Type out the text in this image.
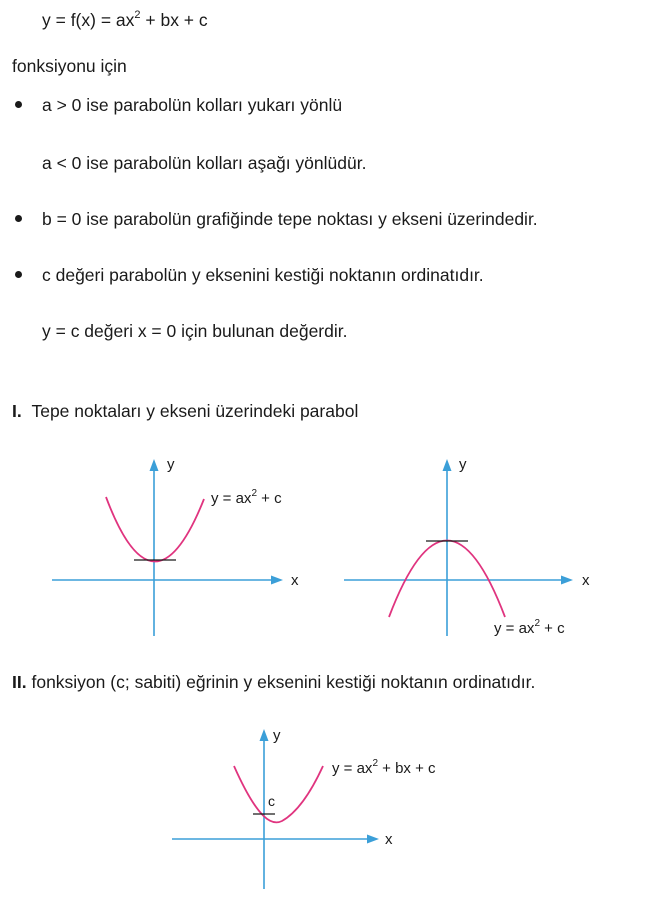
$y = f(x) = ax^2$ + bx + c
fonksiyonu için
a > 0 ise parabolün kolları yukarı yönlü
a < 0 ise parabolün kolları aşağı yönlüdür.
b = 0 ise parabolün grafiğinde tepe noktası y ekseni üzerindedir.
c değeri parabolün y eksenini kestiği noktanın ordinatıdır.
y = c değeri x = 0 için bulunan değerdir.
I. Tepe noktaları y ekseni üzerindeki parabol
y
x
$y = ax^2 + c$
y
x
$y = ax^2 + c$
II. fonksiyon (c; sabiti) eğrinin y eksenini kestiği noktanın ordinatıdır.
y
x
c
$y = ax^2$ + bx + c
